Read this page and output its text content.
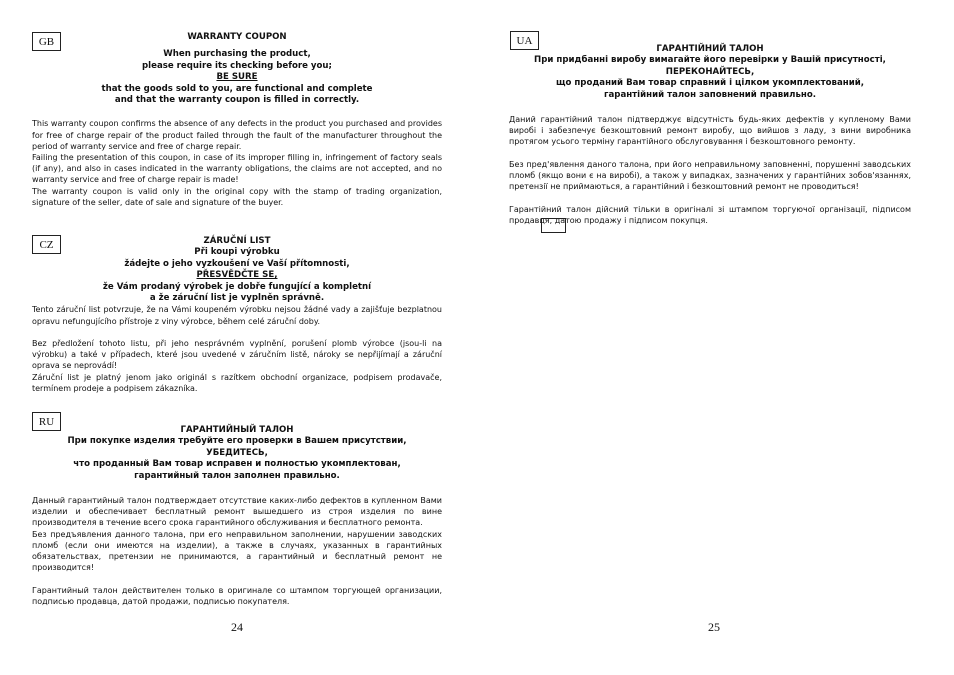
GB	WARRANTY COUPON
When purchasing the product,
please require its checking before you;
BE SURE
that the goods sold to you, are functional and complete
and that the warranty coupon is filled in correctly.

This warranty coupon confirms the absence of any defects in the product you purchased and provides for free of charge repair of the product failed through the fault of the manufacturer throughout the period of warranty service and free of charge repair.

Failing the presentation of this coupon, in case of its improper filling in, infringement of factory seals (if any), and also in cases indicated in the warranty obligations, the claims are not accepted, and no warranty service and free of charge repair is made!

The warranty coupon is valid only in the original copy with the stamp of trading organization, signature of the seller, date of sale and signature of the buyer.

CZ	ZÁRUČNÍ LIST
Při koupi výrobku
žádejte o jeho vyzkoušení ve Vaší přítomnosti,
PŘESVĚDČTE SE,
že Vám prodaný výrobek je dobře fungující a kompletní
a že záruční list je vyplněn správně.

Tento záruční list potvrzuje, že na Vámi koupeném výrobku nejsou žádné vady a zajišťuje bezplatnou opravu nefungujícího přístroje z viny výrobce, během celé záruční doby.

Bez předložení tohoto listu, při jeho nesprávném vyplnění, porušení plomb výrobce (jsou-li na výrobku) a také v případech, které jsou uvedené v záručním listě, nároky se nepřijímají a záruční oprava se neprovádí!

Záruční list je platný jenom jako originál s razítkem obchodní organizace, podpisem prodavače, termínem prodeje a podpisem zákazníka.

RU
ГАРАНТИЙНЫЙ ТАЛОН
При покупке изделия требуйте его проверки в Вашем присутствии,
УБЕДИТЕСЬ,
что проданный Вам товар исправен и полностью укомплектован,
гарантийный талон заполнен правильно.

Данный гарантийный талон подтверждает отсутствие каких-либо дефектов в купленном Вами изделии и обеспечивает бесплатный ремонт вышедшего из строя изделия по вине производителя в течение всего срока гарантийного обслуживания и бесплатного ремонта.

Без предъявления данного талона, при его неправильном заполнении, нарушении заводских пломб (если они имеются на изделии), а также в случаях, указанных в гарантийных обязательствах, претензии не принимаются, а гарантийный и бесплатный ремонт не производится!

Гарантийный талон действителен только в оригинале со штампом торгующей организации, подписью продавца, датой продажи, подписью покупателя.

24
UA
ГАРАНТІЙНИЙ ТАЛОН
При придбанні виробу вимагайте його перевірки у Вашій присутності,
ПЕРЕКОНАЙТЕСЬ,
що проданий Вам товар справний і цілком укомплектований,
гарантійний талон заповнений правильно.

Даний гарантійний талон підтверджує відсутність будь-яких дефектів у купленому Вами виробі і забезпечує безкоштовний ремонт виробу, що вийшов з ладу, з вини виробника протягом усього терміну гарантійного обслуговування і безкоштовного ремонту.

Без пред'явлення даного талона, при його неправильному заповненні, порушенні заводських пломб (якщо вони є на виробі), а також у випадках, зазначених у гарантійних зобов'язаннях, претензії не приймаються, а гарантійний і безкоштовний ремонт не проводиться!

Гарантійний талон дійсний тільки в оригіналі зі штампом торгуючої організації, підписом продавця, датою продажу і підписом покупця.

25
